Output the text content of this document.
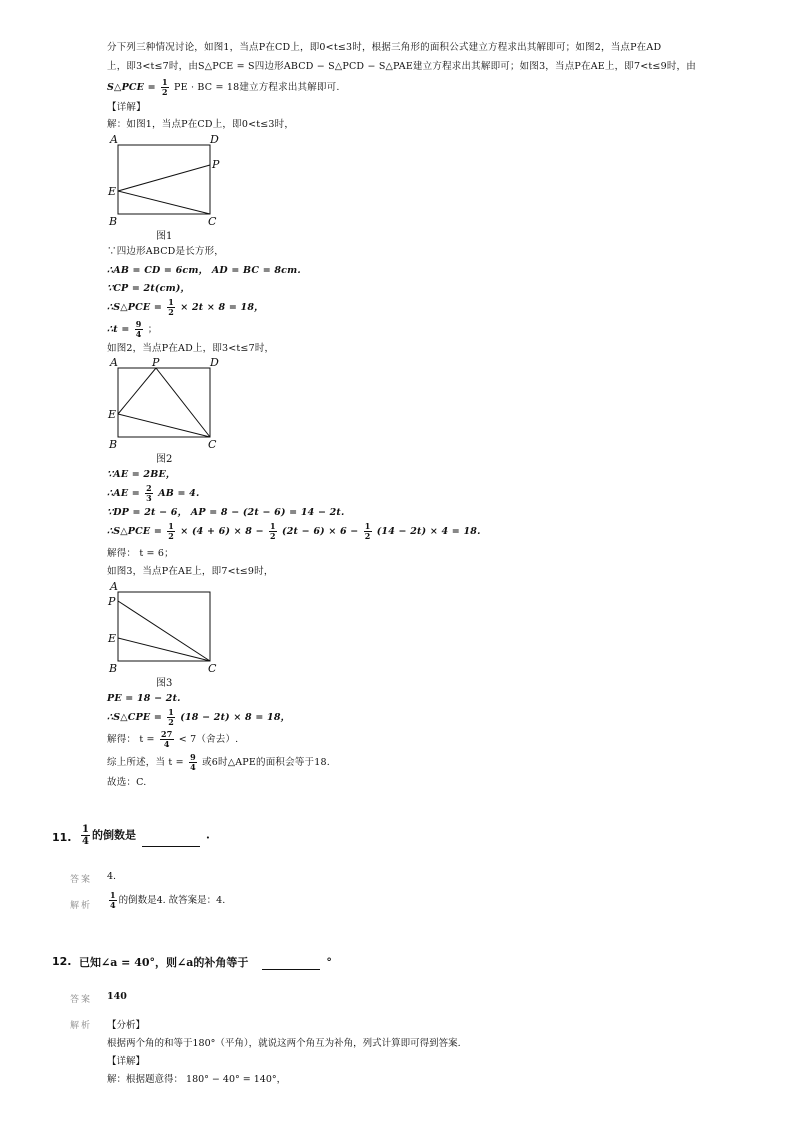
分下列三种情况讨论，如图1，当点P在CD上，即0<t≤3时，根据三角形的面积公式建立方程求出其解即可；如图2，当点P在AD
上，即3<t≤7时，由S△PCE = S四边形ABCD − S△PCD − S△PAE建立方程求出其解即可；如图3，当点P在AE上，即7<t≤9时，由
S△PCE = $\frac{1}{2}$ PE · BC = 18建立方程求出其解即可.
【详解】
解：如图1，当点P在CD上，即0<t≤3时，
A	D
P
E
B	C
图1
∵四边形ABCD是长方形，
∴AB = CD = 6cm， AD = BC = 8cm.
∵CP = 2t(cm)，
∴S△PCE = $\frac{1}{2} \times 2t \times 8 = 18$，
∴t = $\frac{9}{4}$ ；
如图2，当点P在AD上，即3<t≤7时，
A	P	D
E
B	C
图2
∵AE = 2BE，
∴AE = $\frac{2}{3}$ AB = 4.
∵DP = 2t − 6， AP = 8 − (2t − 6) = 14 − 2t.
∴S△PCE = $\frac{1}{2} \times (4 + 6) \times 8 - \frac{1}{2} (2t - 6) \times 6 - \frac{1}{2} (14 - 2t) \times 4 = 18$.
解得： t = 6；
如图3，当点P在AE上，即7<t≤9时，
A
P
E
B	C
图3
PE = 18 − 2t.
∴S△CPE = $\frac{1}{2} (18 - 2t) \times 8 = 18$，
解得： $t = \frac{27}{4} < 7$（舍去）.
综上所述，当 $t = \frac{9}{4}$ 或6时△APE的面积会等于18.
故选：C.
11. $\frac{1}{4}$ 的倒数是	.
答案 4.
解析 $\frac{1}{4}$ 的倒数是4. 故答案是：4.
12. 已知∠a = 40°，则∠a的补角等于	°
答案 140
解析 【分析】
根据两个角的和等于180°（平角），就说这两个角互为补角，列式计算即可得到答案.
【详解】
解：根据题意得： 180° − 40° = 140°，
